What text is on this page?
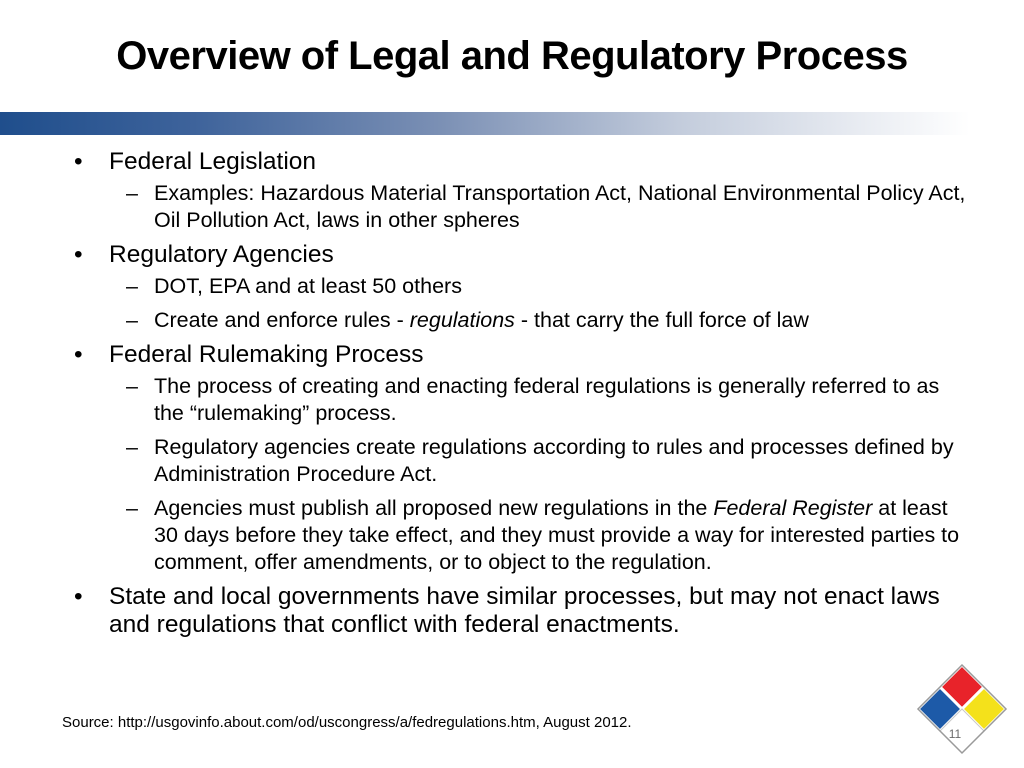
Overview of Legal and Regulatory Process
• Federal Legislation
– Examples: Hazardous Material Transportation Act, National Environmental Policy Act, Oil Pollution Act, laws in other spheres
• Regulatory Agencies
– DOT, EPA and at least 50 others
– Create and enforce rules - regulations - that carry the full force of law
• Federal Rulemaking Process
– The process of creating and enacting federal regulations is generally referred to as the “rulemaking” process.
– Regulatory agencies create regulations according to rules and processes defined by Administration Procedure Act.
– Agencies must publish all proposed new regulations in the Federal Register at least 30 days before they take effect, and they must provide a way for interested parties to comment, offer amendments, or to object to the regulation.
• State and local governments have similar processes, but may not enact laws and regulations that conflict with federal enactments.
Source: http://usgovinfo.about.com/od/uscongress/a/fedregulations.htm, August 2012.
11
